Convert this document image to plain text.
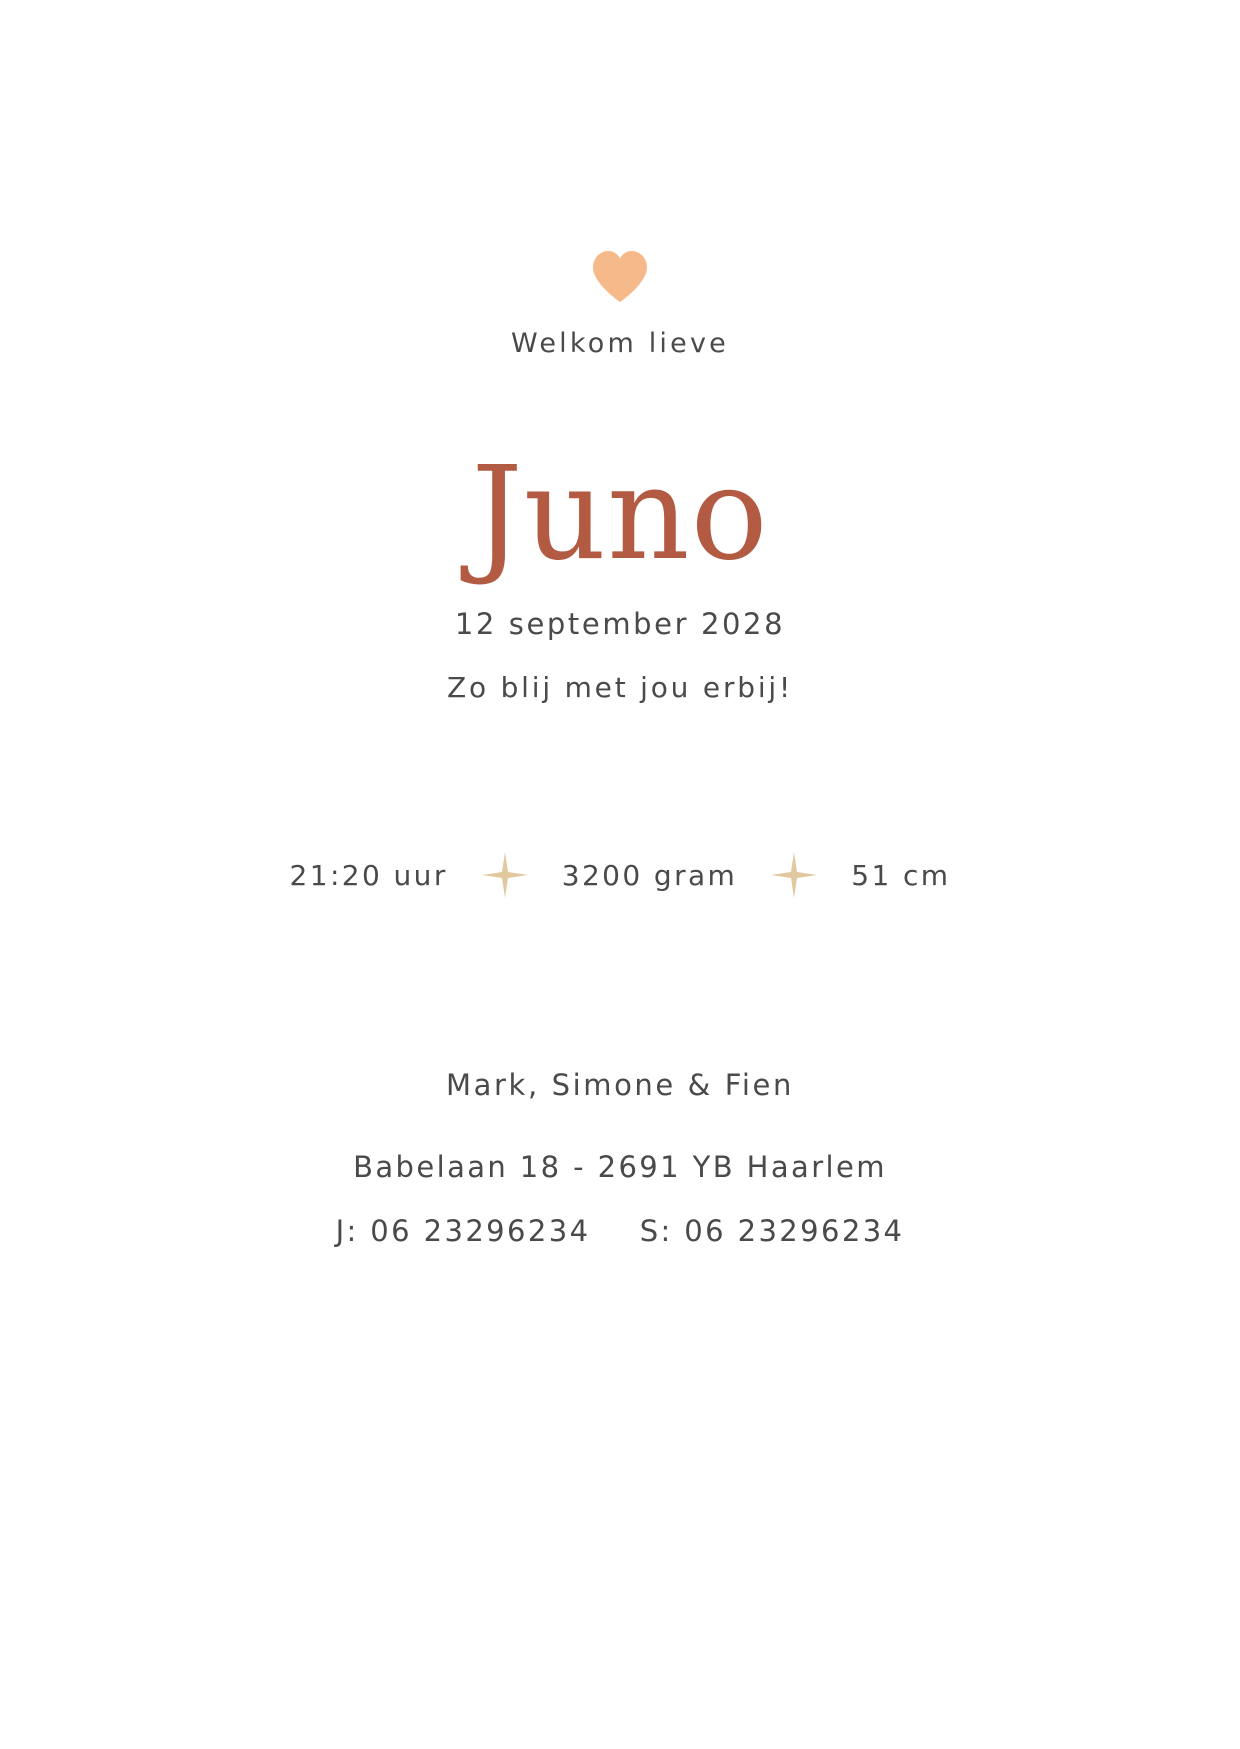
Welkom lieve
Juno
12 september 2028
Zo blij met jou erbij!
21:20 uur	3200 gram	51 cm
Mark, Simone & Fien
Babelaan 18 - 2691 YB Haarlem
J: 06 23296234 S: 06 23296234
